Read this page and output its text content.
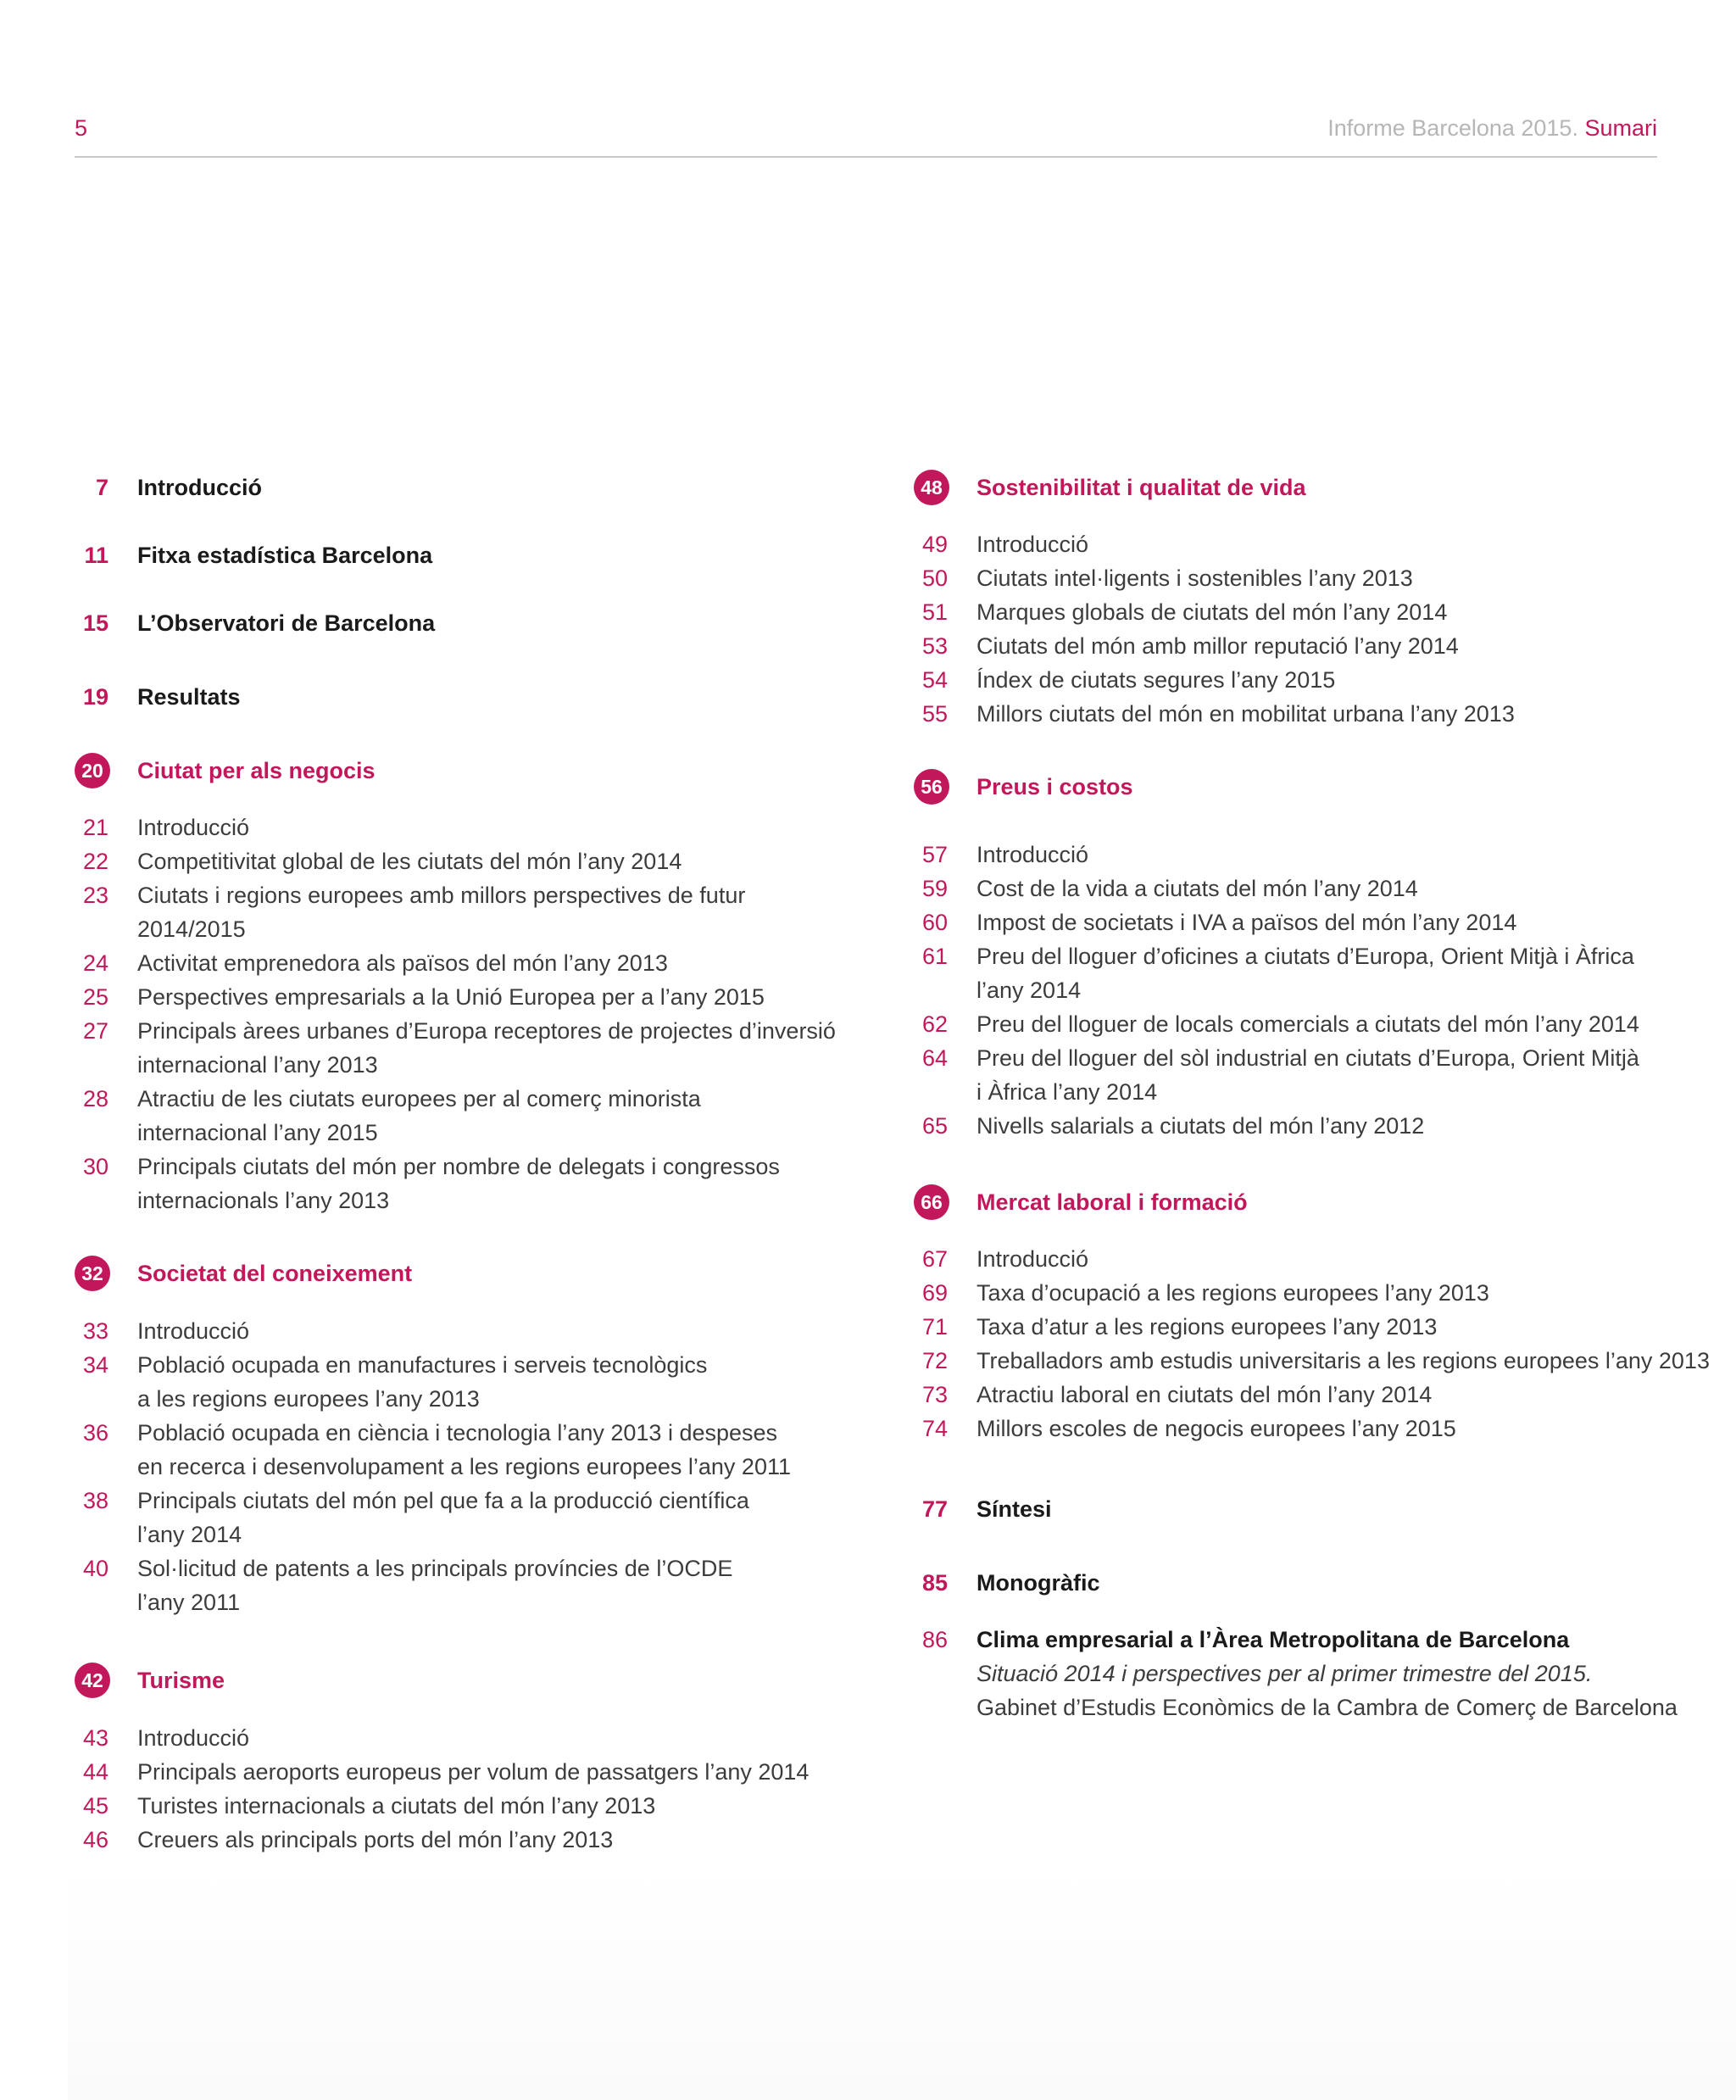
5	Informe Barcelona 2015. Sumari
7 Introducció
11 Fitxa estadística Barcelona
15 L’Observatori de Barcelona
19 Resultats
20	Ciutat per als negocis
21 Introducció
22 Competitivitat global de les ciutats del món l’any 2014
23 Ciutats i regions europees amb millors perspectives de futur
2014/2015
24 Activitat emprenedora als països del món l’any 2013
25 Perspectives empresarials a la Unió Europea per a l’any 2015
27 Principals àrees urbanes d’Europa receptores de projectes d’inversió
internacional l’any 2013
28 Atractiu de les ciutats europees per al comerç minorista
internacional l’any 2015
30 Principals ciutats del món per nombre de delegats i congressos
internacionals l’any 2013
32	Societat del coneixement
33 Introducció
34 Població ocupada en manufactures i serveis tecnològics
a les regions europees l’any 2013
36 Població ocupada en ciència i tecnologia l’any 2013 i despeses
en recerca i desenvolupament a les regions europees l’any 2011
38 Principals ciutats del món pel que fa a la producció científica
l’any 2014
40 Sol·licitud de patents a les principals províncies de l’OCDE
l’any 2011
42	Turisme
43 Introducció
44 Principals aeroports europeus per volum de passatgers l’any 2014
45 Turistes internacionals a ciutats del món l’any 2013
46 Creuers als principals ports del món l’any 2013
48	Sostenibilitat i qualitat de vida
49 Introducció
50 Ciutats intel·ligents i sostenibles l’any 2013
51 Marques globals de ciutats del món l’any 2014
53 Ciutats del món amb millor reputació l’any 2014
54 Índex de ciutats segures l’any 2015
55 Millors ciutats del món en mobilitat urbana l’any 2013
56	Preus i costos
57 Introducció
59 Cost de la vida a ciutats del món l’any 2014
60 Impost de societats i IVA a països del món l’any 2014
61 Preu del lloguer d’oficines a ciutats d’Europa, Orient Mitjà i Àfrica
l’any 2014
62 Preu del lloguer de locals comercials a ciutats del món l’any 2014
64 Preu del lloguer del sòl industrial en ciutats d’Europa, Orient Mitjà
i Àfrica l’any 2014
65 Nivells salarials a ciutats del món l’any 2012
66	Mercat laboral i formació
67 Introducció
69 Taxa d’ocupació a les regions europees l’any 2013
71 Taxa d’atur a les regions europees l’any 2013
72 Treballadors amb estudis universitaris a les regions europees l’any 2013
73 Atractiu laboral en ciutats del món l’any 2014
74 Millors escoles de negocis europees l’any 2015
77 Síntesi
85 Monogràfic
86 Clima empresarial a l’Àrea Metropolitana de Barcelona
Situació 2014 i perspectives per al primer trimestre del 2015.
Gabinet d’Estudis Econòmics de la Cambra de Comerç de Barcelona
